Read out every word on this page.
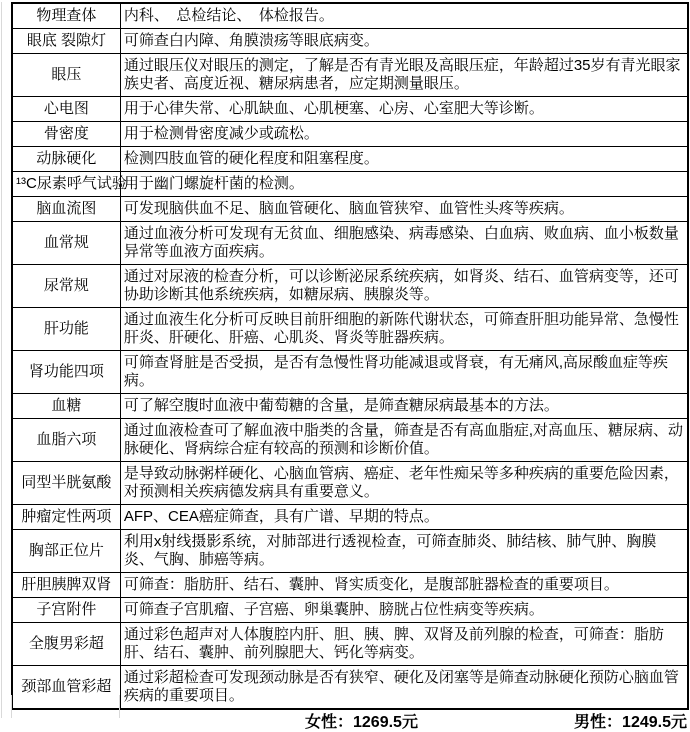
物理查体	内科、　总检结论、　体检报告。
眼底 裂隙灯	可筛查白内障、角膜溃疡等眼底病变。
眼压	通过眼压仪对眼压的测定，了解是否有青光眼及高眼压症，年龄超过35岁有青光眼家族史者、高度近视、糖尿病患者，应定期测量眼压。
心电图	用于心律失常、心肌缺血、心肌梗塞、心房、心室肥大等诊断。
骨密度	用于检测骨密度减少或疏松。
动脉硬化	检测四肢血管的硬化程度和阻塞程度。
¹³C尿素呼气试验	用于幽门螺旋杆菌的检测。
脑血流图	可发现脑供血不足、脑血管硬化、脑血管狭窄、血管性头疼等疾病。
血常规	通过血液分析可发现有无贫血、细胞感染、病毒感染、白血病、败血病、血小板数量异常等血液方面疾病。
尿常规	通过对尿液的检查分析，可以诊断泌尿系统疾病，如肾炎、结石、血管病变等，还可协助诊断其他系统疾病，如糖尿病、胰腺炎等。
肝功能	通过血液生化分析可反映目前肝细胞的新陈代谢状态，可筛查肝胆功能异常、急慢性肝炎、肝硬化、肝癌、心肌炎、肾炎等脏器疾病。
肾功能四项	可筛查肾脏是否受损，是否有急慢性肾功能减退或肾衰，有无痛风,高尿酸血症等疾病。
血糖	可了解空腹时血液中葡萄糖的含量，是筛查糖尿病最基本的方法。
血脂六项	通过血液检查可了解血液中脂类的含量，筛查是否有高血脂症,对高血压、糖尿病、动脉硬化、肾病综合症有较高的预测和诊断价值。
同型半胱氨酸	是导致动脉粥样硬化、心脑血管病、癌症、老年性痴呆等多种疾病的重要危险因素，对预测相关疾病德发病具有重要意义。
肿瘤定性两项	AFP、CEA癌症筛查，具有广谱、早期的特点。
胸部正位片	利用x射线摄影系统，对肺部进行透视检查，可筛查肺炎、肺结核、肺气肿、胸膜炎、气胸、肺癌等病。
肝胆胰脾双肾	可筛查：脂肪肝、结石、囊肿、肾实质变化，是腹部脏器检查的重要项目。
子宫附件	可筛查子宫肌瘤、子宫癌、卵巢囊肿、膀胱占位性病变等疾病。
全腹男彩超	通过彩色超声对人体腹腔内肝、胆、胰、脾、双肾及前列腺的检查，可筛查：脂肪肝、结石、囊肿、前列腺肥大、钙化等病变。
颈部血管彩超	通过彩超检查可发现颈动脉是否有狭窄、硬化及闭塞等是筛查动脉硬化预防心脑血管疾病的重要项目。
女性：1269.5元	男性：1249.5元
